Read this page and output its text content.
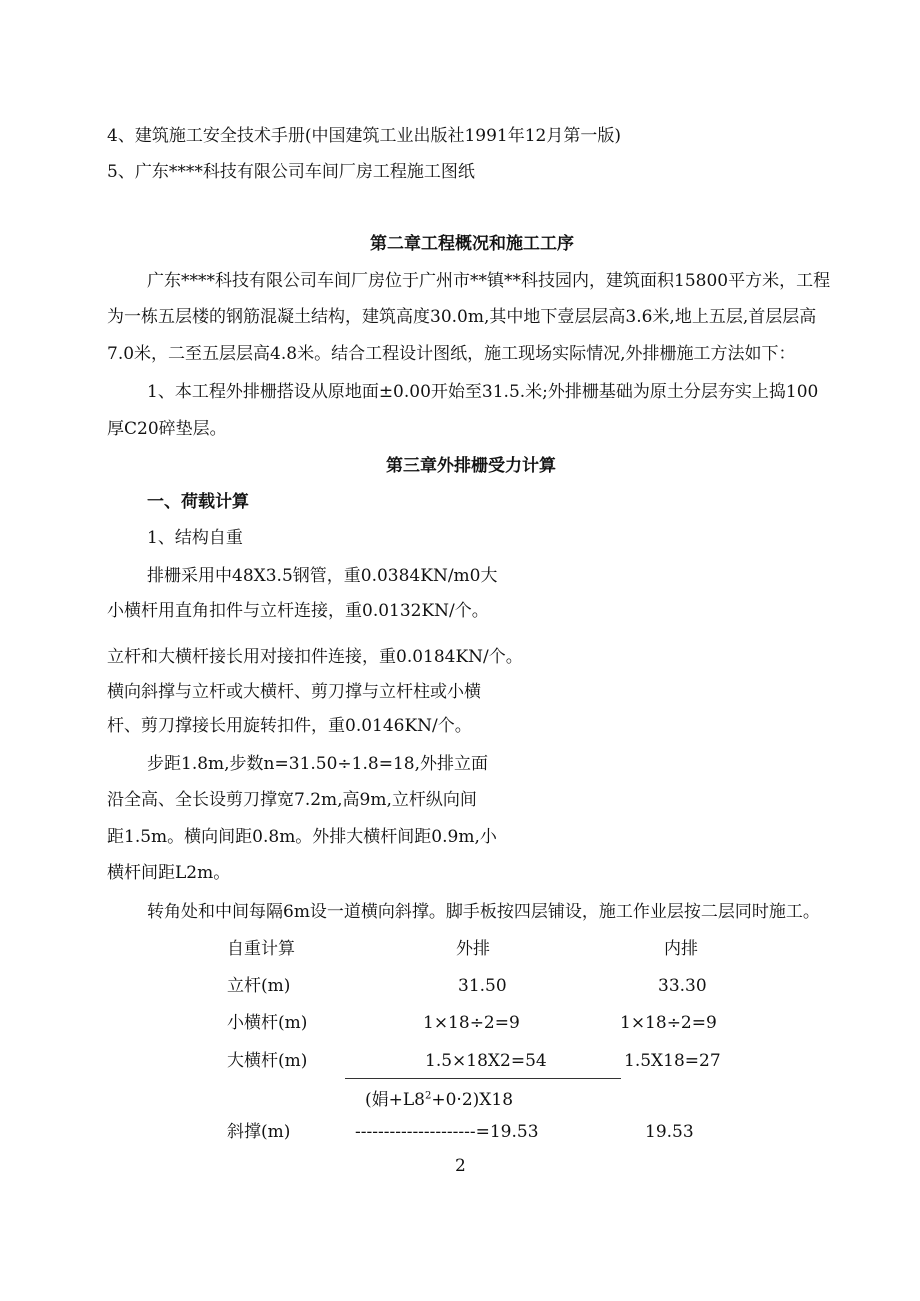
4、建筑施工安全技术手册(中国建筑工业出版社1991年12月第一版)
5、广东****科技有限公司车间厂房工程施工图纸
第二章工程概况和施工工序
广东****科技有限公司车间厂房位于广州市**镇**科技园内，建筑面积15800平方米，工程
为一栋五层楼的钢筋混凝土结构，建筑高度30.0m,其中地下壹层层高3.6米,地上五层,首层层高
7.0米，二至五层层高4.8米。结合工程设计图纸，施工现场实际情况,外排栅施工方法如下：
1、本工程外排栅搭设从原地面±0.00开始至31.5.米;外排栅基础为原土分层夯实上捣100
厚C20碎垫层。
第三章外排栅受力计算
一、荷载计算
1、结构自重
排栅采用中48X3.5钢管，重0.0384KN/m0大
小横杆用直角扣件与立杆连接，重0.0132KN/个。
立杆和大横杆接长用对接扣件连接，重0.0184KN/个。
横向斜撑与立杆或大横杆、剪刀撑与立杆柱或小横
杆、剪刀撑接长用旋转扣件，重0.0146KN/个。
步距1.8m,步数n=31.50÷1.8=18,外排立面
沿全高、全长设剪刀撑宽7.2m,高9m,立杆纵向间
距1.5m。横向间距0.8m。外排大横杆间距0.9m,小
横杆间距L2m。
转角处和中间每隔6m设一道横向斜撑。脚手板按四层铺设，施工作业层按二层同时施工。
自重计算	外排	内排
立杆(m)	31.50	33.30
小横杆(m)	1×18÷2=9	1×18÷2=9
大横杆(m)	1.5×18X2=54	1.5X18=27
(娟$+L8^2+0\cdot 2)X18$
斜撑(m)	---------------------=19.53	19.53
2
